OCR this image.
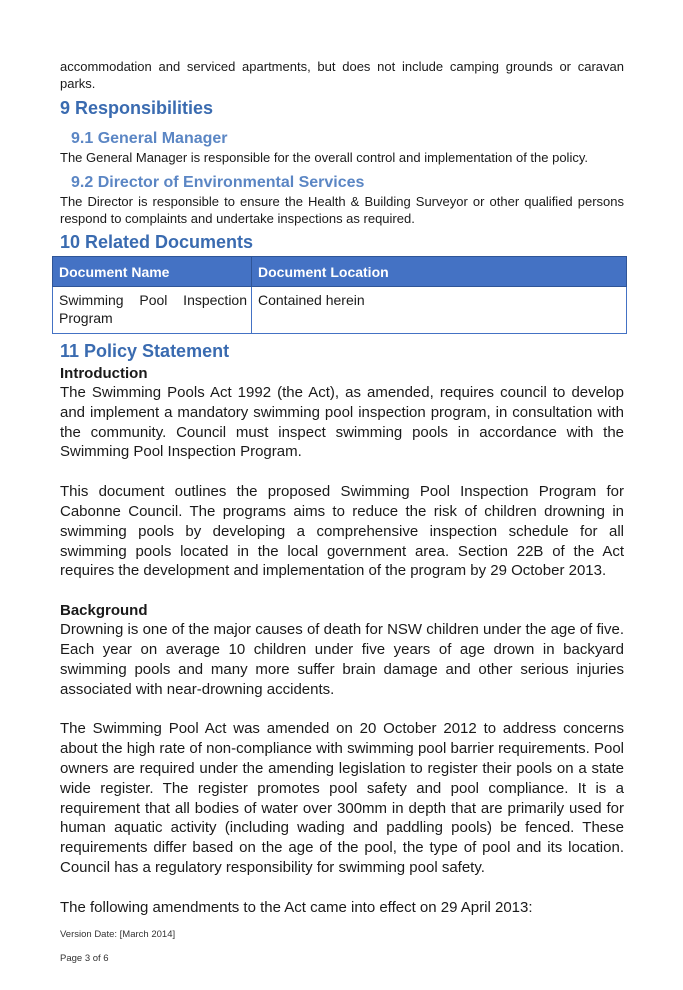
accommodation and serviced apartments, but does not include camping grounds or caravan parks.

9 Responsibilities
9.1 General Manager

The General Manager is responsible for the overall control and implementation of the policy.

9.2 Director of Environmental Services

The Director is responsible to ensure the Health & Building Surveyor or other qualified persons respond to complaints and undertake inspections as required.

10 Related Documents
Document Name	Document Location
Swimming Pool Inspection Program	Contained herein
11 Policy Statement

Introduction

The Swimming Pools Act 1992 (the Act), as amended, requires council to develop and implement a mandatory swimming pool inspection program, in consultation with the community. Council must inspect swimming pools in accordance with the Swimming Pool Inspection Program.

This document outlines the proposed Swimming Pool Inspection Program for Cabonne Council. The programs aims to reduce the risk of children drowning in swimming pools by developing a comprehensive inspection schedule for all swimming pools located in the local government area. Section 22B of the Act requires the development and implementation of the program by 29 October 2013.

Background

Drowning is one of the major causes of death for NSW children under the age of five. Each year on average 10 children under five years of age drown in backyard swimming pools and many more suffer brain damage and other serious injuries associated with near-drowning accidents.

The Swimming Pool Act was amended on 20 October 2012 to address concerns about the high rate of non-compliance with swimming pool barrier requirements. Pool owners are required under the amending legislation to register their pools on a state wide register. The register promotes pool safety and pool compliance. It is a requirement that all bodies of water over 300mm in depth that are primarily used for human aquatic activity (including wading and paddling pools) be fenced. These requirements differ based on the age of the pool, the type of pool and its location. Council has a regulatory responsibility for swimming pool safety.

The following amendments to the Act came into effect on 29 April 2013:

Version Date: [March 2014]
Page 3 of 6
